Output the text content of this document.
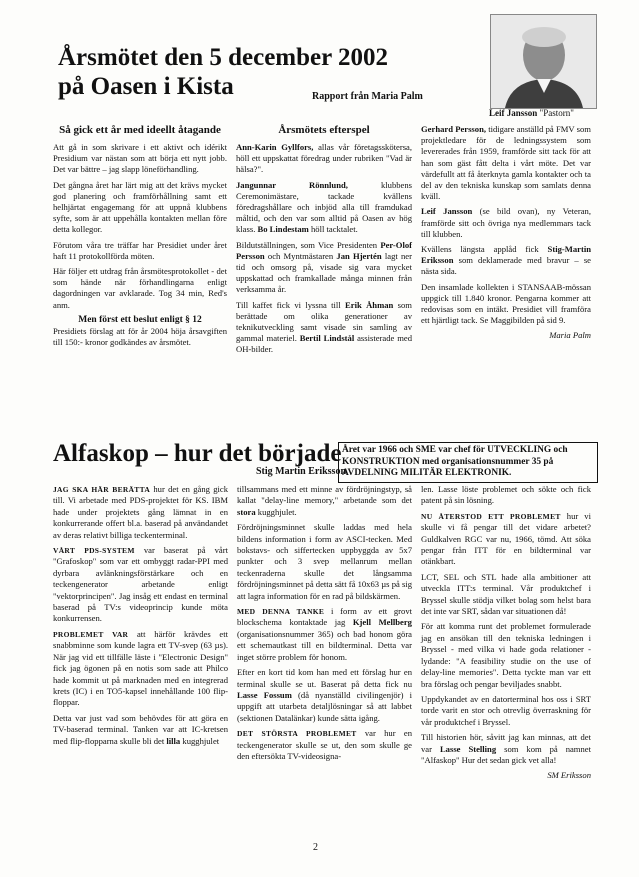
Årsmötet den 5 december 2002
på Oasen i Kista	Rapport från Maria Palm
Leif Jansson "Pastorn"
Så gick ett år med ideellt åtagande

Att gå in som skrivare i ett aktivt och idérikt Presidium var nästan som att börja ett nytt jobb. Det var bättre – jag slapp löneförhandling.

Det gångna året har lärt mig att det krävs mycket god planering och framförhållning samt ett helhjärtat engagemang för att uppnå klubbens syfte, som är att uppehålla kontakten mellan före detta kollegor.

Förutom våra tre träffar har Presidiet under året haft 11 protokollförda möten.

Här följer ett utdrag från årsmötesprotokollet - det som hände när förhandlingarna enligt dagordningen var avklarade. Tog 34 min, Red's anm.

Men först ett beslut enligt § 12

Presidiets förslag att för år 2004 höja årsavgiften till 150:- kronor godkändes av årsmötet.

Årsmötets efterspel

Ann-Karin Gyllfors, allas vår företagsskötersa, höll ett uppskattat föredrag under rubriken "Vad är hälsa?".

Jangunnar Rönnlund,	klubbens Ceremonimästare, tackade kvällens föredragshållare och inbjöd alla till framdukad måltid, och den var som alltid på Oasen av hög klass. Bo Lindestam höll tacktalet.

Bildutställningen, som Vice Presidenten Per-Olof Persson och Myntmästaren Jan Hjertén lagt ner tid och omsorg på, visade sig vara mycket uppskattad och framkallade många minnen från verksamma år.

Till kaffet fick vi lyssna till Erik Åhman som berättade om olika generationer av teknikutveckling samt visade sin samling av gammal materiel. Bertil Lindstål assisterade med OH-bilder.

Gerhard Persson, tidigare anställd på FMV som projektledare för de ledningssystem som levererades från 1959, framförde sitt tack för att han som gäst fått delta i vårt möte. Det var värdefullt att få återknyta gamla kontakter och ta del av den tekniska kunskap som samlats denna kväll.

Leif Jansson (se bild ovan), ny Veteran, framförde sitt och övriga nya medlemmars tack till klubben.

Kvällens längsta applåd fick Stig-Martin Eriksson som deklamerade med bravur – se nästa sida.

Den insamlade kollekten i STANSAAB-mössan uppgick till 1.840 kronor. Pengarna kommer att redovisas som en intäkt. Presidiet vill framföra ett hjärtligt tack. Se Maggibilden på sid 9.

Maria Palm

Alfaskop – hur det började Året var 1966 och SME var chef för UTVECKLING och KONSTRUKTION med organisationsnummer 35 på AVDELNING MILITÄR ELEKTRONIK.
Stig Martin Eriksson

JAG SKA HÄR BERÄTTA hur det en gång gick till. Vi arbetade med PDS-projektet för KS. IBM hade under projektets gång lämnat in en konkurrerande offert bl.a. baserad på användandet av deras relativt billiga teckenterminal.

VÅRT PDS-SYSTEM var baserat på vårt "Grafoskop" som var ett ombyggt radar-PPI med dyrbara avlänkningsförstärkare och en teckengenerator arbetande enligt "vektorprincipen". Jag insåg ett endast en terminal baserad på TV:s videoprincip kunde möta konkurrensen.

PROBLEMET VAR att härför krävdes ett snabbminne som kunde lagra ett TV-svep (63 µs). När jag vid ett tillfälle läste i "Electronic Design" fick jag ögonen på en notis som sade att Philco hade kommit ut på marknaden med en integrerad krets (IC) i en TO5-kapsel innehållande 100 flip-floppar.

Detta var just vad som behövdes för att göra en TV-baserad terminal. Tanken var att IC-kretsen med flip-flopparna skulle bli det lilla kugghjulet

tillsammans med ett minne av fördröjningstyp, så kallat "delay-line memory," arbetande som det stora kugghjulet.

Fördröjningsminnet skulle laddas med hela bildens information i form av ASCI-tecken. Med bokstavs- och siffertecken uppbyggda av 5x7 punkter och 3 svep mellanrum mellan teckenraderna skulle det långsamma fördröjningsminnet på detta sätt få 10x63 µs på sig att lagra information för en rad på bildskärmen.

MED DENNA TANKE i form av ett grovt blockschema kontaktade jag Kjell Mellberg (organisationsnummer 365) och bad honom göra ett schemautkast till en bildterminal. Detta var inget större problem för honom.

Efter en kort tid kom han med ett förslag hur en terminal skulle se ut. Baserat på detta fick nu Lasse Fossum (då nyanställd civilingenjör) i uppgift att utarbeta detaljlösningar så att labbet (sektionen Datalänkar) kunde sätta igång.

DET STÖRSTA PROBLEMET var hur en teckengenerator skulle se ut, den som skulle ge den eftersökta TV-videosigna-

len. Lasse löste problemet och sökte och fick patent på sin lösning.

NU ÅTERSTOD ETT PROBLEMET hur vi skulle vi få pengar till det vidare arbetet? Guldkalven RGC var nu, 1966, tömd. Att söka pengar från ITT för en bildterminal var otänkbart.

LCT, SEL och STL hade alla ambitioner att utveckla ITT:s terminal. Vår produktchef i Bryssel skulle stödja vilket bolag som helst bara det inte var SRT, sådan var situationen då!

För att komma runt det problemet formulerade jag en ansökan till den tekniska ledningen i Bryssel - med vilka vi hade goda relationer - lydande: "A feasibility studie on the use of delay-line memories". Detta tyckte man var ett bra förslag och pengar beviljades snabbt.

Uppdykandet av en datorterminal hos oss i SRT torde varit en stor och otrevlig överraskning för vår produktchef i Bryssel.

Till historien hör, såvitt jag kan minnas, att det var Lasse Stelling som kom på namnet "Alfaskop" Hur det sedan gick vet alla!

SM Eriksson

2
